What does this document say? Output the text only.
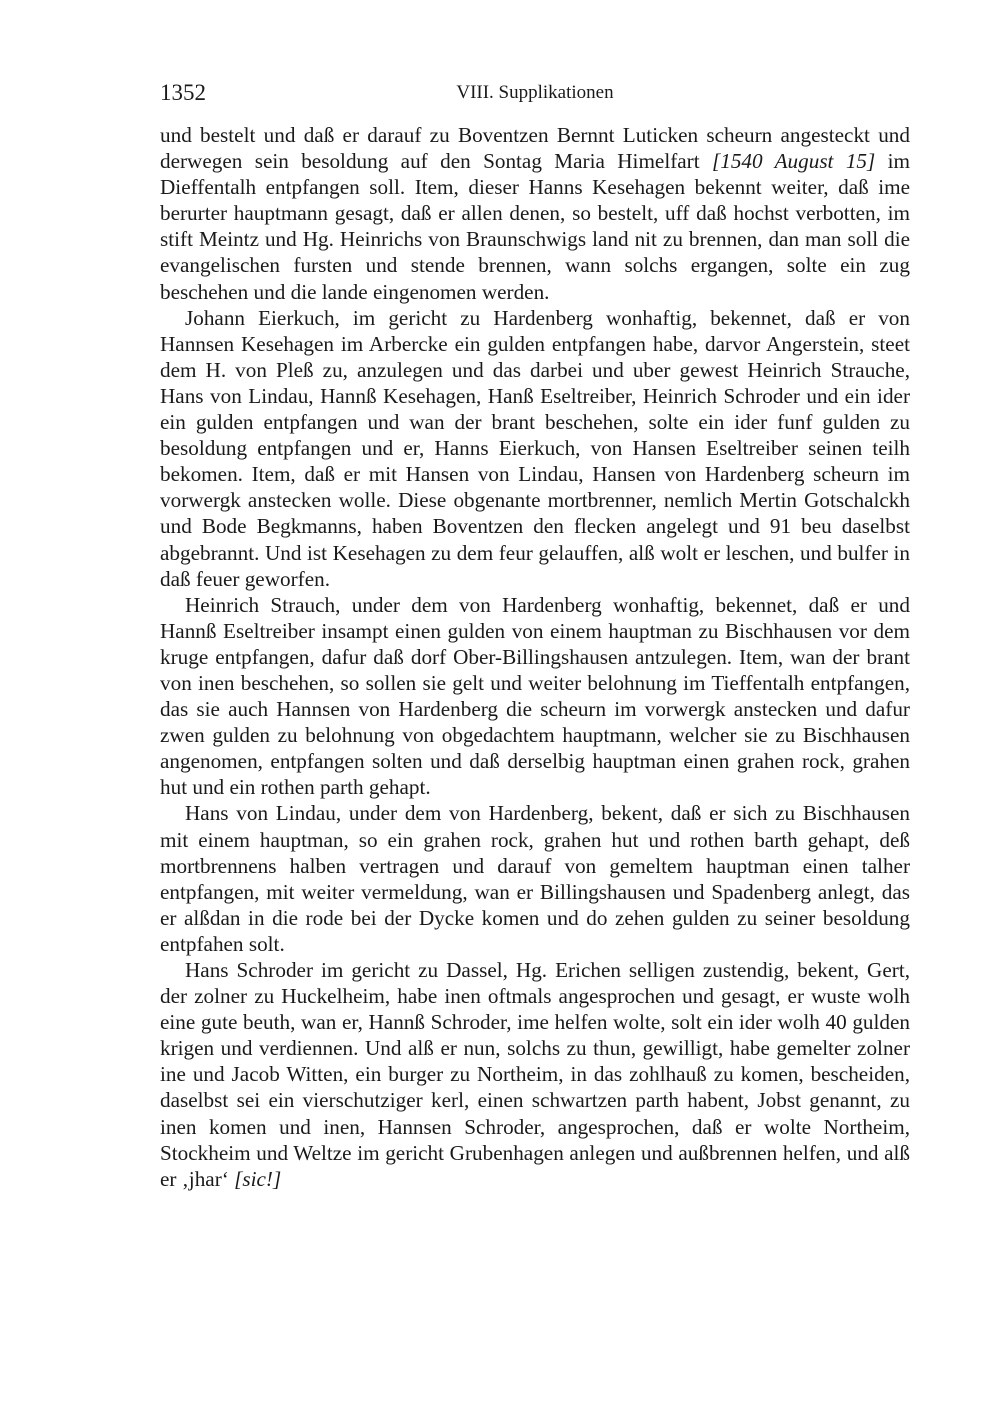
1352	VIII. Supplikationen

und bestelt und daß er darauf zu Boventzen Bernnt Luticken scheurn angesteckt und derwegen sein besoldung auf den Sontag Maria Himelfart [1540 August 15] im Dieffentalh entpfangen soll. Item, dieser Hanns Kesehagen bekennt weiter, daß ime berurter hauptmann gesagt, daß er allen denen, so bestelt, uff daß hochst verbotten, im stift Meintz und Hg. Heinrichs von Braunschwigs land nit zu brennen, dan man soll die evangelischen fursten und stende brennen, wann solchs ergangen, solte ein zug beschehen und die lande eingenomen werden.

Johann Eierkuch, im gericht zu Hardenberg wonhaftig, bekennet, daß er von Hannsen Kesehagen im Arbercke ein gulden entpfangen habe, darvor Angerstein, steet dem H. von Pleß zu, anzulegen und das darbei und uber gewest Heinrich Strauche, Hans von Lindau, Hannß Kesehagen, Hanß Eseltreiber, Heinrich Schroder und ein ider ein gulden entpfangen und wan der brant beschehen, solte ein ider funf gulden zu besoldung entpfangen und er, Hanns Eierkuch, von Hansen Eseltreiber seinen teilh bekomen. Item, daß er mit Hansen von Lindau, Hansen von Hardenberg scheurn im vorwergk anstecken wolle. Diese obgenante mortbrenner, nemlich Mertin Gotschalckh und Bode Begkmanns, haben Boventzen den flecken angelegt und 91 beu daselbst abgebrannt. Und ist Kesehagen zu dem feur gelauffen, alß wolt er leschen, und bulfer in daß feuer geworfen.

Heinrich Strauch, under dem von Hardenberg wonhaftig, bekennet, daß er und Hannß Eseltreiber insampt einen gulden von einem hauptman zu Bischhausen vor dem kruge entpfangen, dafur daß dorf Ober-Billingshausen antzulegen. Item, wan der brant von inen beschehen, so sollen sie gelt und weiter belohnung im Tieffentalh entpfangen, das sie auch Hannsen von Hardenberg die scheurn im vorwergk anstecken und dafur zwen gulden zu belohnung von obgedachtem hauptmann, welcher sie zu Bischhausen angenomen, entpfangen solten und daß derselbig hauptman einen grahen rock, grahen hut und ein rothen parth gehapt.

Hans von Lindau, under dem von Hardenberg, bekent, daß er sich zu Bischhausen mit einem hauptman, so ein grahen rock, grahen hut und rothen barth gehapt, deß mortbrennens halben vertragen und darauf von gemeltem hauptman einen talher entpfangen, mit weiter vermeldung, wan er Billingshausen und Spadenberg anlegt, das er alßdan in die rode bei der Dycke komen und do zehen gulden zu seiner besoldung entpfahen solt.

Hans Schroder im gericht zu Dassel, Hg. Erichen selligen zustendig, bekent, Gert, der zolner zu Huckelheim, habe inen oftmals angesprochen und gesagt, er wuste wolh eine gute beuth, wan er, Hannß Schroder, ime helfen wolte, solt ein ider wolh 40 gulden krigen und verdiennen. Und alß er nun, solchs zu thun, gewilligt, habe gemelter zolner ine und Jacob Witten, ein burger zu Northeim, in das zohlhauß zu komen, bescheiden, daselbst sei ein vierschutziger kerl, einen schwartzen parth habent, Jobst genannt, zu inen komen und inen, Hannsen Schroder, angesprochen, daß er wolte Northeim, Stockheim und Weltze im gericht Grubenhagen anlegen und außbrennen helfen, und alß er ‚jhar‘ [sic!]
